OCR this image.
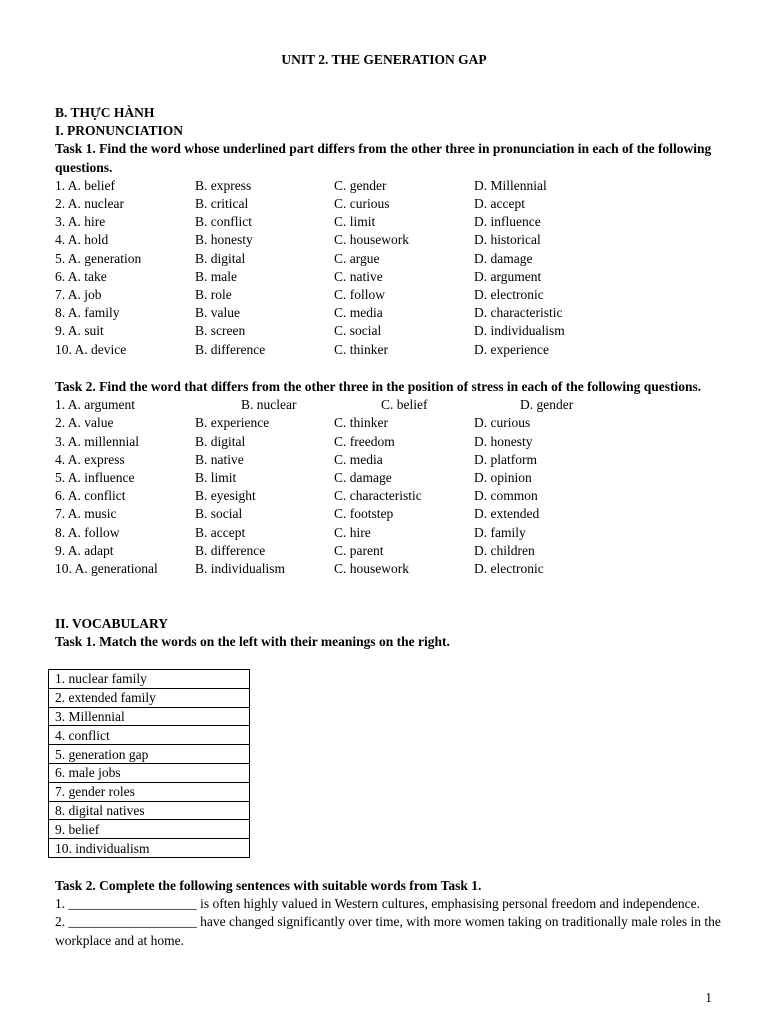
UNIT 2. THE GENERATION GAP
B. THỰC HÀNH
I. PRONUNCIATION
Task 1. Find the word whose underlined part differs from the other three in pronunciation in each of the following questions.
1. A. belief	B. express	C. gender	D. Millennial
2. A. nuclear	B. critical	C. curious	D. accept
3. A. hire	B. conflict	C. limit	D. influence
4. A. hold	B. honesty	C. housework	D. historical
5. A. generation	B. digital	C. argue	D. damage
6. A. take	B. male	C. native	D. argument
7. A. job	B. role	C. follow	D. electronic
8. A. family	B. value	C. media	D. characteristic
9. A. suit	B. screen	C. social	D. individualism
10. A. device	B. difference	C. thinker	D. experience
Task 2. Find the word that differs from the other three in the position of stress in each of the following questions.
1. A. argument	B. nuclear	C. belief	D. gender
2. A. value	B. experience	C. thinker	D. curious
3. A. millennial	B. digital	C. freedom	D. honesty
4. A. express	B. native	C. media	D. platform
5. A. influence	B. limit	C. damage	D. opinion
6. A. conflict	B. eyesight	C. characteristic	D. common
7. A. music	B. social	C. footstep	D. extended
8. A. follow	B. accept	C. hire	D. family
9. A. adapt	B. difference	C. parent	D. children
10. A. generational	B. individualism	C. housework	D. electronic
II. VOCABULARY
Task 1. Match the words on the left with their meanings on the right.
1. nuclear family
2. extended family
3. Millennial
4. conflict
5. generation gap
6. male jobs
7. gender roles
8. digital natives
9. belief
10. individualism
Task 2. Complete the following sentences with suitable words from Task 1.
1. ___________________ is often highly valued in Western cultures, emphasising personal freedom and independence.
2. ___________________ have changed significantly over time, with more women taking on traditionally male roles in the workplace and at home.
1
